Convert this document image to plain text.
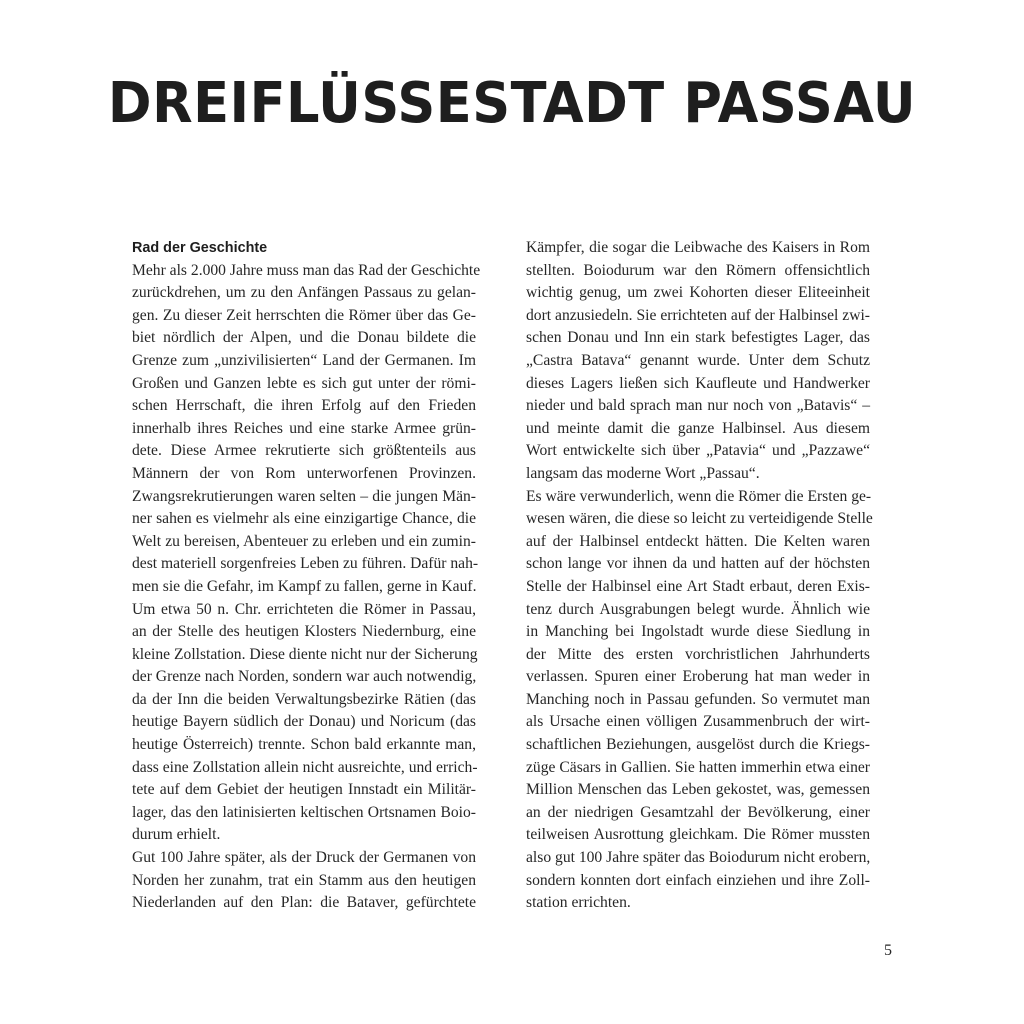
DREIFLÜSSESTADT PASSAU
Rad der Geschichte
Mehr als 2.000 Jahre muss man das Rad der Geschichte
zurückdrehen, um zu den Anfängen Passaus zu gelan-
gen. Zu dieser Zeit herrschten die Römer über das Ge-
biet nördlich der Alpen, und die Donau bildete die
Grenze zum „unzivilisierten“ Land der Germanen. Im
Großen und Ganzen lebte es sich gut unter der römi-
schen Herrschaft, die ihren Erfolg auf den Frieden
innerhalb ihres Reiches und eine starke Armee grün-
dete. Diese Armee rekrutierte sich größtenteils aus
Männern der von Rom unterworfenen Provinzen.
Zwangsrekrutierungen waren selten – die jungen Män-
ner sahen es vielmehr als eine einzigartige Chance, die
Welt zu bereisen, Abenteuer zu erleben und ein zumin-
dest materiell sorgenfreies Leben zu führen. Dafür nah-
men sie die Gefahr, im Kampf zu fallen, gerne in Kauf.
Um etwa 50 n. Chr. errichteten die Römer in Passau,
an der Stelle des heutigen Klosters Niedernburg, eine
kleine Zollstation. Diese diente nicht nur der Sicherung
der Grenze nach Norden, sondern war auch notwendig,
da der Inn die beiden Verwaltungsbezirke Rätien (das
heutige Bayern südlich der Donau) und Noricum (das
heutige Österreich) trennte. Schon bald erkannte man,
dass eine Zollstation allein nicht ausreichte, und errich-
tete auf dem Gebiet der heutigen Innstadt ein Militär-
lager, das den latinisierten keltischen Ortsnamen Boio-
durum erhielt.
Gut 100 Jahre später, als der Druck der Germanen von
Norden her zunahm, trat ein Stamm aus den heutigen
Niederlanden auf den Plan: die Bataver, gefürchtete
Kämpfer, die sogar die Leibwache des Kaisers in Rom
stellten. Boiodurum war den Römern offensichtlich
wichtig genug, um zwei Kohorten dieser Eliteeinheit
dort anzusiedeln. Sie errichteten auf der Halbinsel zwi-
schen Donau und Inn ein stark befestigtes Lager, das
„Castra Batava“ genannt wurde. Unter dem Schutz
dieses Lagers ließen sich Kaufleute und Handwerker
nieder und bald sprach man nur noch von „Batavis“ –
und meinte damit die ganze Halbinsel. Aus diesem
Wort entwickelte sich über „Patavia“ und „Pazzawe“
langsam das moderne Wort „Passau“.
Es wäre verwunderlich, wenn die Römer die Ersten ge-
wesen wären, die diese so leicht zu verteidigende Stelle
auf der Halbinsel entdeckt hätten. Die Kelten waren
schon lange vor ihnen da und hatten auf der höchsten
Stelle der Halbinsel eine Art Stadt erbaut, deren Exis-
tenz durch Ausgrabungen belegt wurde. Ähnlich wie
in Manching bei Ingolstadt wurde diese Siedlung in
der Mitte des ersten vorchristlichen Jahrhunderts
verlassen. Spuren einer Eroberung hat man weder in
Manching noch in Passau gefunden. So vermutet man
als Ursache einen völligen Zusammenbruch der wirt-
schaftlichen Beziehungen, ausgelöst durch die Kriegs-
züge Cäsars in Gallien. Sie hatten immerhin etwa einer
Million Menschen das Leben gekostet, was, gemessen
an der niedrigen Gesamtzahl der Bevölkerung, einer
teilweisen Ausrottung gleichkam. Die Römer mussten
also gut 100 Jahre später das Boiodurum nicht erobern,
sondern konnten dort einfach einziehen und ihre Zoll-
station errichten.
5
